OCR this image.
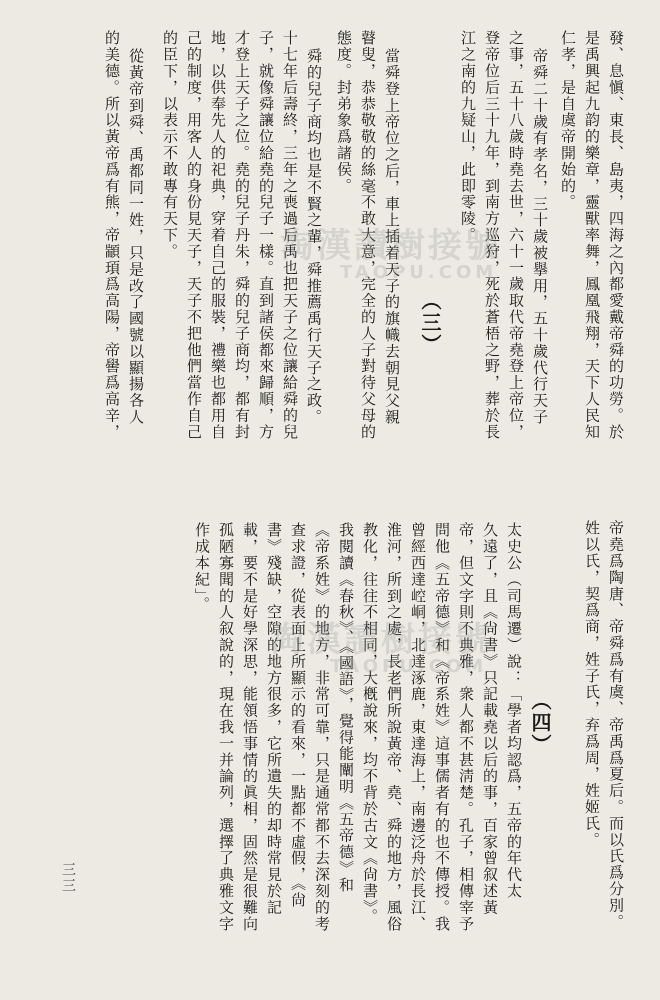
帝堯爲陶唐、帝舜爲有虞、帝禹爲夏后。而以氏爲分別。
姓以氏，契爲商，姓子氏，弃爲周，姓姬氏。
（四）
太史公（司馬遷）說：「學者均認爲，五帝的年代太
久遠了，且《尙書》只記載堯以后的事，百家曾叙述黃
帝，但文字則不典雅，衆人都不甚淸楚。孔子，相傳宰予
問他《五帝德》和《帝系姓》這事儒者有的也不傳授。我
曾經西達崆峒，北達涿鹿，東達海上，南邊泛舟於長江、
淮河，所到之處，長老們所說黃帝、堯、舜的地方，風俗
教化，往往不相同，大槪說來，均不背於古文《尙書》。
我閱讀《春秋》、《國語》，覺得能闡明《五帝德》和
《帝系姓》的地方，非常可靠，只是通常都不去深刻的考
查求證，從表面上所顯示的看來，一點都不虛假，《尙
書》殘缺，空隙的地方很多，它所遺失的却時常見於記
載，要不是好學深思，能領悟事情的眞相，固然是很難向
孤陋寡聞的人叙說的，現在我一并論列，選擇了典雅文字
作成本紀」。
發、息愼、東長、島夷，四海之內都愛戴帝舜的功勞。於
是禹興起九韵的樂章，靈獸率舞，鳳凰飛翔，天下人民知
仁孝，是自虞帝開始的。
帝舜二十歲有孝名，三十歲被擧用，五十歲代行天子
之事，五十八歲時堯去世，六十一歲取代帝堯登上帝位，
登帝位后三十九年，到南方巡狩，死於蒼梧之野，葬於長
江之南的九疑山，此即零陵。
（三）
當舜登上帝位之后，車上插着天子的旗幟去朝見父親
瞽叟，恭恭敬敬的絲毫不敢大意，完全的人子對待父母的
態度。封弟象爲諸侯。
舜的兒子商均也是不賢之輩，舜推薦禹行天子之政。
十七年后壽終，三年之喪過后禹也把天子之位讓給舜的兒
子，就像舜讓位給堯的兒子一樣。直到諸侯都來歸順，方
才登上天子之位。堯的兒子丹朱，舜的兒子商均，都有封
地，以供奉先人的祀典，穿着自己的服裝，禮樂也都用自
己的制度，用客人的身份見天子，天子不把他們當作自己
的臣下，以表示不敢專有天下。
從黃帝到舜、禹都同一姓，只是改了國號以顯揚各人
的美德。所以黃帝爲有熊，帝顓頊爲高陽，帝嚳爲高辛，
三三
淘漢讀樹接號
TAOPU.COM
淘漢讀樹接號
TAOPU.COM
